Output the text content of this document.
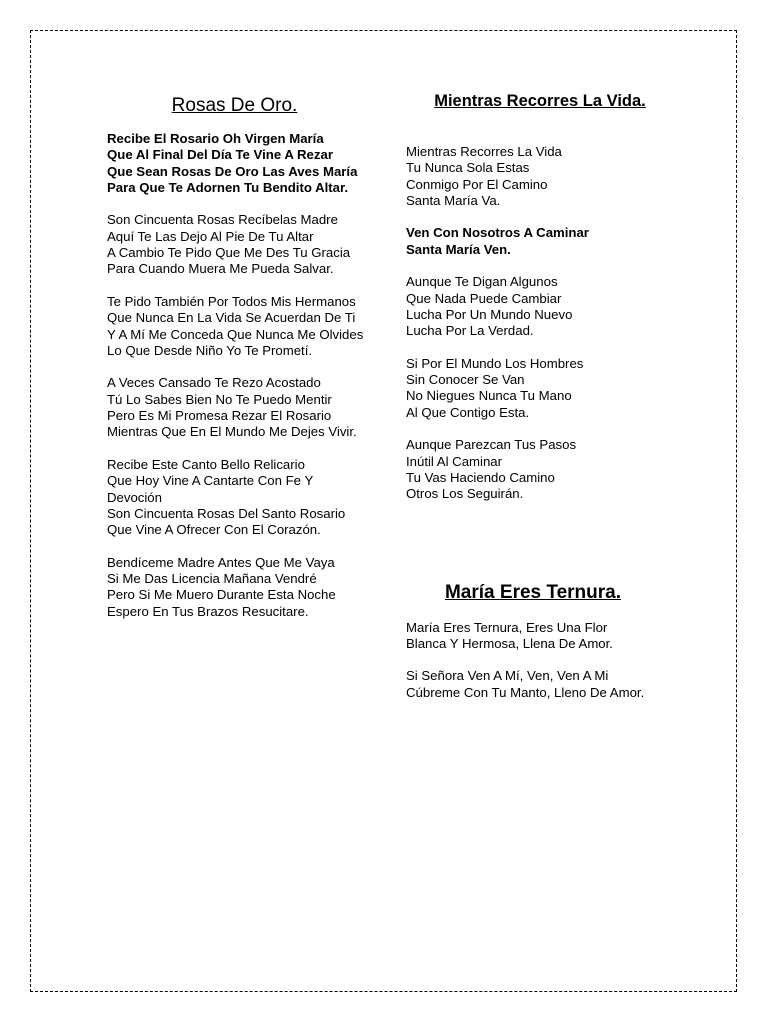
Rosas De Oro.
Recibe El Rosario Oh Virgen María
Que Al Final Del Día Te Vine A Rezar
Que Sean Rosas De Oro Las Aves María
Para Que Te Adornen Tu Bendito Altar.
Son Cincuenta Rosas Recíbelas Madre
Aquí Te Las Dejo Al Pie De Tu Altar
A Cambio Te Pido Que Me Des Tu Gracia
Para Cuando Muera Me Pueda Salvar.
Te Pido También Por Todos Mis Hermanos
Que Nunca En La Vida Se Acuerdan De Ti
Y A Mí Me Conceda Que Nunca Me Olvides
Lo Que Desde Niño Yo Te Prometí.
A Veces Cansado Te Rezo Acostado
Tú Lo Sabes Bien No Te Puedo Mentir
Pero Es Mi Promesa Rezar El Rosario
Mientras Que En El Mundo Me Dejes Vivir.
Recibe Este Canto Bello Relicario
Que Hoy Vine A Cantarte Con Fe Y Devoción
Son Cincuenta Rosas Del Santo Rosario
Que Vine A Ofrecer Con El Corazón.
Bendíceme Madre Antes Que Me Vaya
Si Me Das Licencia Mañana Vendré
Pero Si Me Muero Durante Esta Noche
Espero En Tus Brazos Resucitare.
Mientras Recorres La Vida.
Mientras Recorres La Vida
Tu Nunca Sola Estas
Conmigo Por El Camino
Santa María Va.
Ven Con Nosotros A Caminar
Santa María Ven.
Aunque Te Digan Algunos
Que Nada Puede Cambiar
Lucha Por Un Mundo Nuevo
Lucha Por La Verdad.
Si Por El Mundo Los Hombres
Sin Conocer Se Van
No Niegues Nunca Tu Mano
Al Que Contigo Esta.
Aunque Parezcan Tus Pasos
Inútil Al Caminar
Tu Vas Haciendo Camino
Otros Los Seguirán.
María Eres Ternura.
María Eres Ternura, Eres Una Flor
Blanca Y Hermosa, Llena De Amor.
Si Señora Ven A Mí, Ven, Ven A Mi
Cúbreme Con Tu Manto, Lleno De Amor.
